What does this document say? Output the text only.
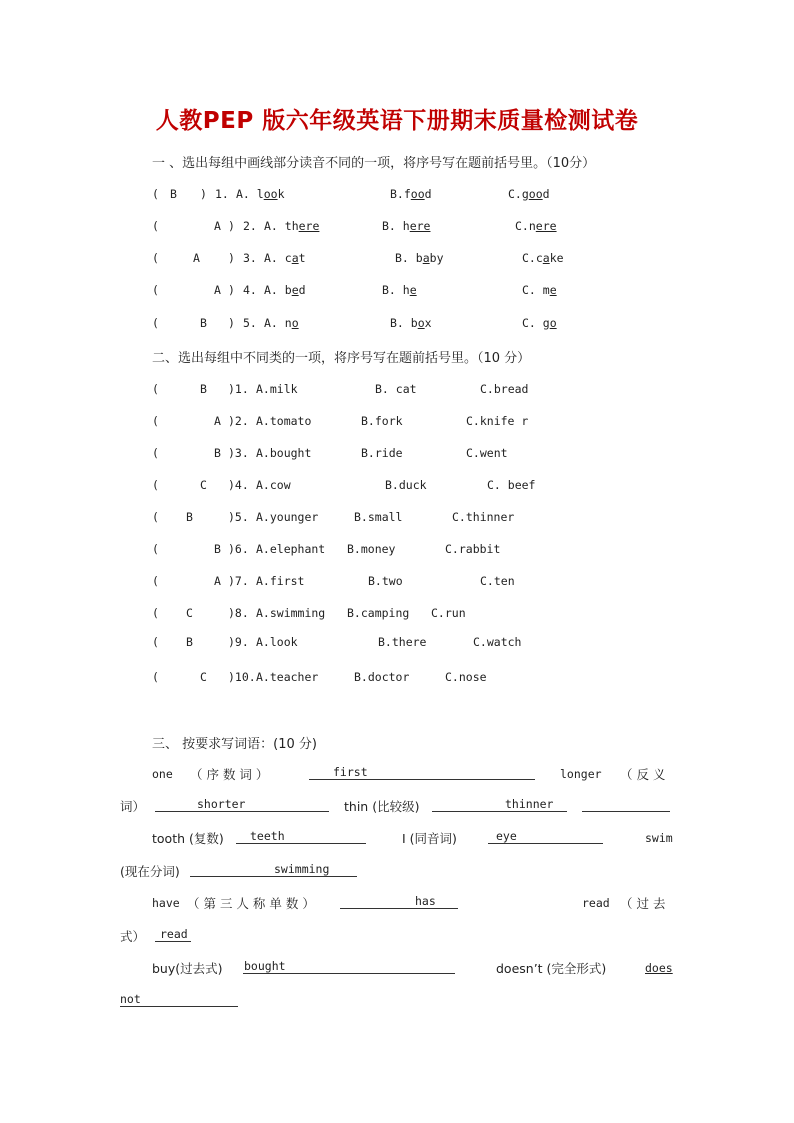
人教PEP 版六年级英语下册期末质量检测试卷
一 、选出每组中画线部分读音不同的一项，将序号写在题前括号里。（10分）
( B ) 1. A. look	B.food	C.good
(	A ) 2. A. there	B. here	C.nere
(	A ) 3. A. cat	B. baby	C.cake
(	A ) 4. A. bed	B. he	C. me
(	B ) 5. A. no	B. box	C. go
二、选出每组中不同类的一项，将序号写在题前括号里。（10 分）
(	B )1. A.milk	B. cat	C.bread
(	A )2. A.tomato	B.fork	C.knife r
(	B )3. A.bought	B.ride	C.went
(	C )4. A.cow	B.duck	C. beef
( B	)5. A.younger	B.small	C.thinner
(	B )6. A.elephant B.money	C.rabbit
(	A )7. A.first	B.two	C.ten
( C	)8. A.swimming B.camping C.run
( B	)9. A.look	B.there	C.watch
(	C )10. A.teacher	B.doctor	C.nose
三、 按要求写词语：(10 分)
one （ 序 数 词 ）	first	longer （ 反 义
词）	shorter	thin (比较级)	thinner
tooth (复数)	teeth	I (同音词)	eye	swim
(现在分词)	swimming
have （ 第 三 人 称 单 数 ）	has	read （ 过 去
式）	read
buy(过去式) bought	doesn’t (完全形式)	does
not
